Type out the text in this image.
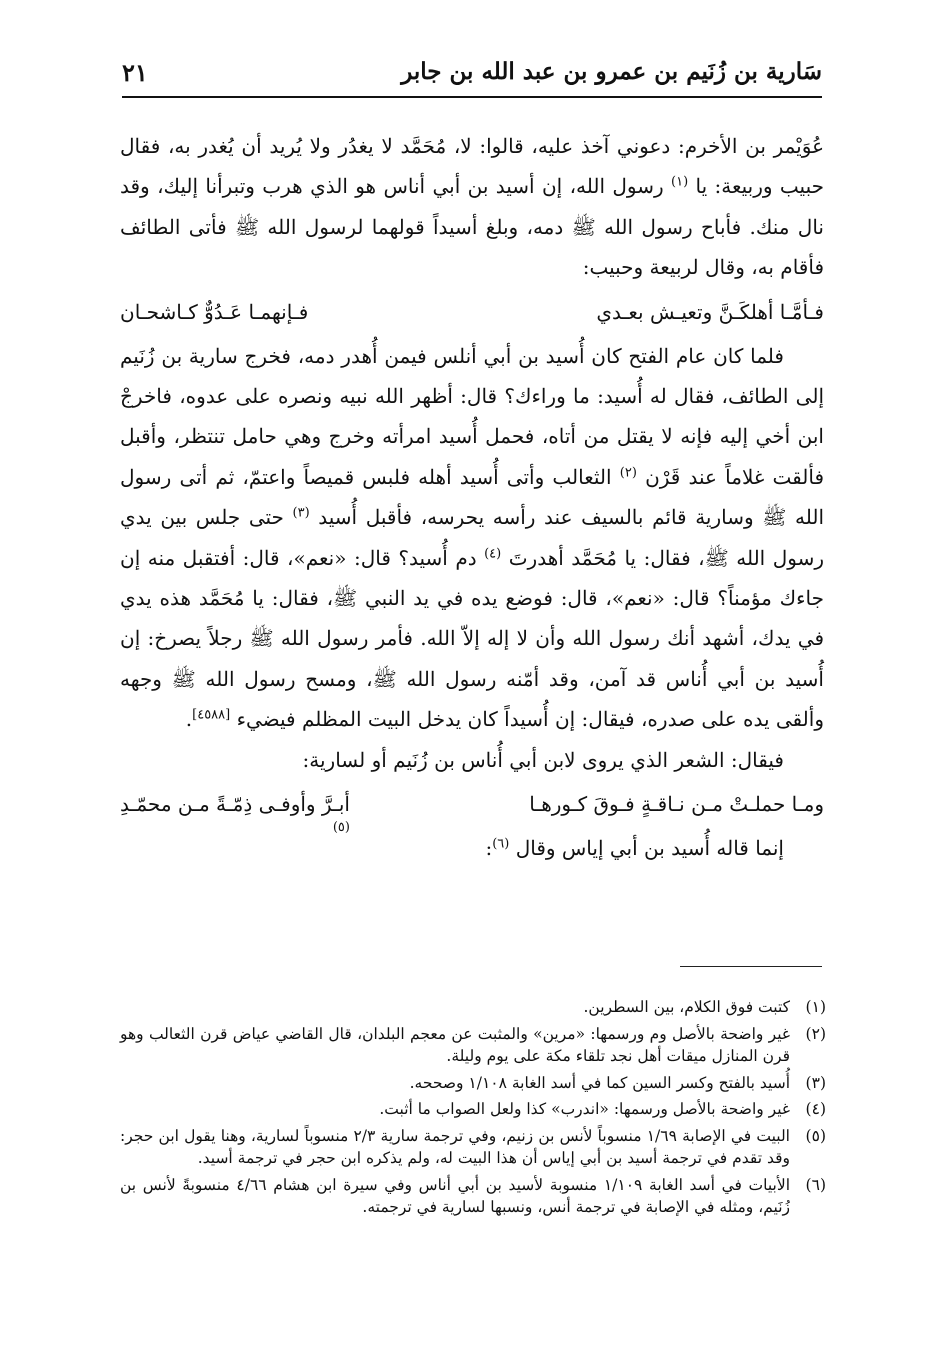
٢١	سَارية بن زُنَيم بن عمرو بن عبد الله بن جابر

عُوَيْمر بن الأخرم: دعوني آخذ عليه، قالوا: لا، مُحَمَّد لا يغدُر ولا يُريد أن يُغدر به، فقال حبيب وربيعة: يا $^{(١)}$ رسول الله، إن أسيد بن أبي أناس هو الذي هرب وتبرأنا إليك، وقد نال منك. فأباح رسول الله ﷺ دمه، وبلغ أسيداً قولهما لرسول الله ﷺ فأتى الطائف فأقام به، وقال لربيعة وحبيب:

فـأمَّـا أهلكَـنَّ وتعيـش بعـدي
فـإنهمـا عَـدُوٌّ كـاشحـان

فلما كان عام الفتح كان أُسيد بن أبي أنلس فيمن أُهدر دمه، فخرج سارية بن زُنَيم إلى الطائف، فقال له أُسيد: ما وراءك؟ قال: أظهر الله نبيه ونصره على عدوه، فاخرجْ ابن أخي إليه فإنه لا يقتل من أتاه، فحمل أُسيد امرأته وخرج وهي حامل تنتظر، وأقبل فألقت غلاماً عند قَرْن $^{(٢)}$ الثعالب وأتى أُسيد أهله فلبس قميصاً واعتمّ، ثم أتى رسول الله ﷺ وسارية قائم بالسيف عند رأسه يحرسه، فأقبل أُسيد $^{(٣)}$ حتى جلس بين يدي رسول الله ﷺ، فقال: يا مُحَمَّد أهدرتَ $^{(٤)}$ دم أُسيد؟ قال: «نعم»، قال: أفتقبل منه إن جاءك مؤمناً؟ قال: «نعم»، قال: فوضع يده في يد النبي ﷺ، فقال: يا مُحَمَّد هذه يدي في يدك، أشهد أنك رسول الله وأن لا إله إلاّ الله. فأمر رسول الله ﷺ رجلاً يصرخ: إن أُسيد بن أبي أُناس قد آمن، وقد أمّنه رسول الله ﷺ، ومسح رسول الله ﷺ وجهه وألقى يده على صدره، فيقال: إن أُسيداً كان يدخل البيت المظلم فيضيء [٤٥٨٨].

فيقال: الشعر الذي يروى لابن أبي أُناس بن زُنَيم أو لسارية:

ومـا حملـتْ مـن نـاقـةٍ فـوقَ كـورهـا
أبـرَّ وأوفـى ذِمّـةً مـن محمّـدِ
(٥)

إنما قاله أُسيد بن أبي إياس وقال $^{(٦)}$:

(١)
كتبت فوق الكلام، بين السطرين.
(٢)
غير واضحة بالأصل وم ورسمها: «مرين» والمثبت عن معجم البلدان، قال القاضي عياض قرن الثعالب وهو قرن المنازل ميقات أهل نجد تلقاء مكة على يوم وليلة.
(٣)
أُسيد بالفتح وكسر السين كما في أسد الغابة ١/١٠٨ وصححه.
(٤)
غير واضحة بالأصل ورسمها: «اندرب» كذا ولعل الصواب ما أثبت.
(٥)
البيت في الإصابة ١/٦٩ منسوباً لأنس بن زنيم، وفي ترجمة سارية ٢/٣ منسوباً لسارية، وهنا يقول ابن حجر: وقد تقدم في ترجمة أسيد بن أبي إياس أن هذا البيت له، ولم يذكره ابن حجر في ترجمة أسيد.
(٦)
الأبيات في أسد الغابة ١/١٠٩ منسوبة لأسيد بن أبي أناس وفي سيرة ابن هشام ٤/٦٦ منسوبةً لأنس بن زُنَيم، ومثله في الإصابة في ترجمة أنس، ونسبها لسارية في ترجمته.
